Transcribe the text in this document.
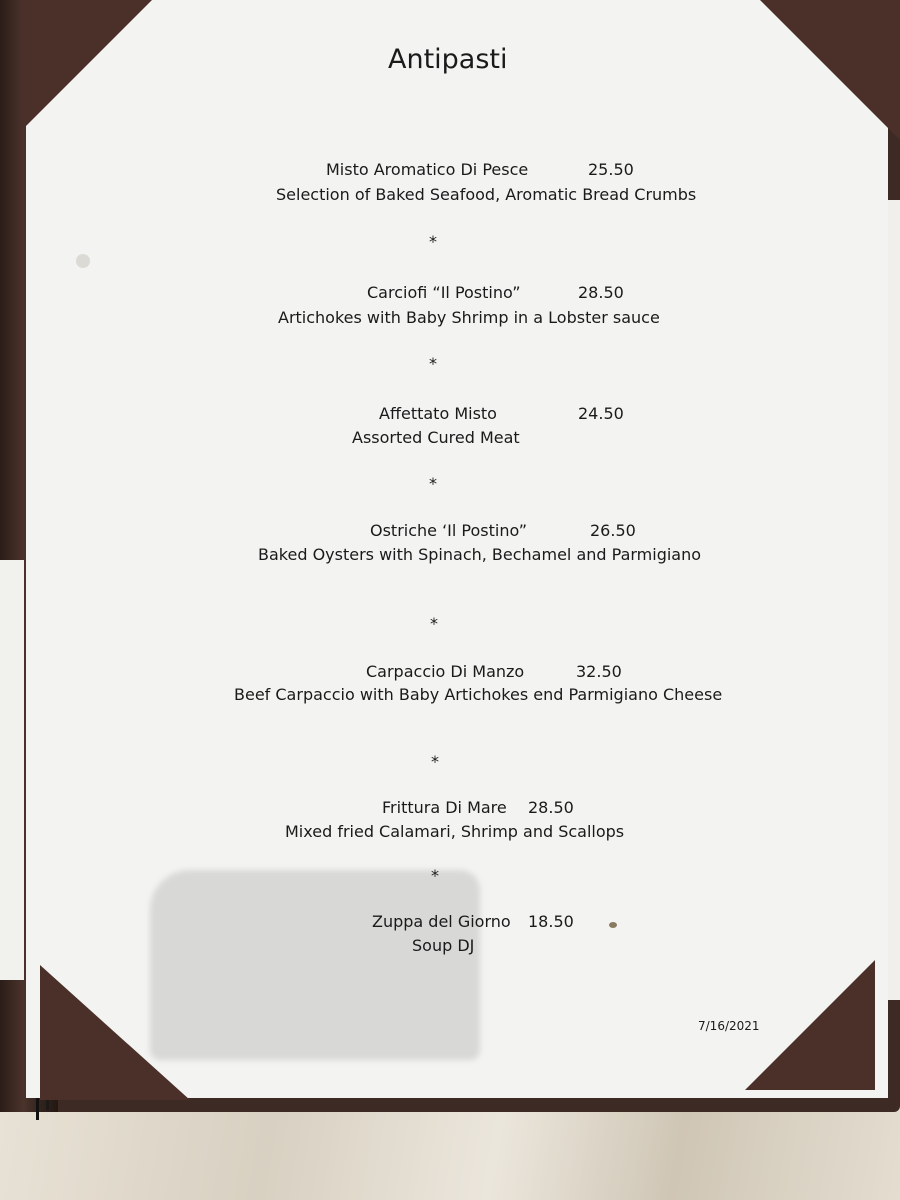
Antipasti
Misto Aromatico Di Pesce	25.50
Selection of Baked Seafood, Aromatic Bread Crumbs
*
Carciofi “Il Postino”	28.50
Artichokes with Baby Shrimp in a Lobster sauce
*
Affettato Misto	24.50
Assorted Cured Meat
*
Ostriche ‘Il Postino”	26.50
Baked Oysters with Spinach, Bechamel and Parmigiano
*
Carpaccio Di Manzo	32.50
Beef Carpaccio with Baby Artichokes end Parmigiano Cheese
*
Frittura Di Mare 28.50
Mixed fried Calamari, Shrimp and Scallops
*
Zuppa del Giorno 18.50
Soup DJ
7/16/2021
